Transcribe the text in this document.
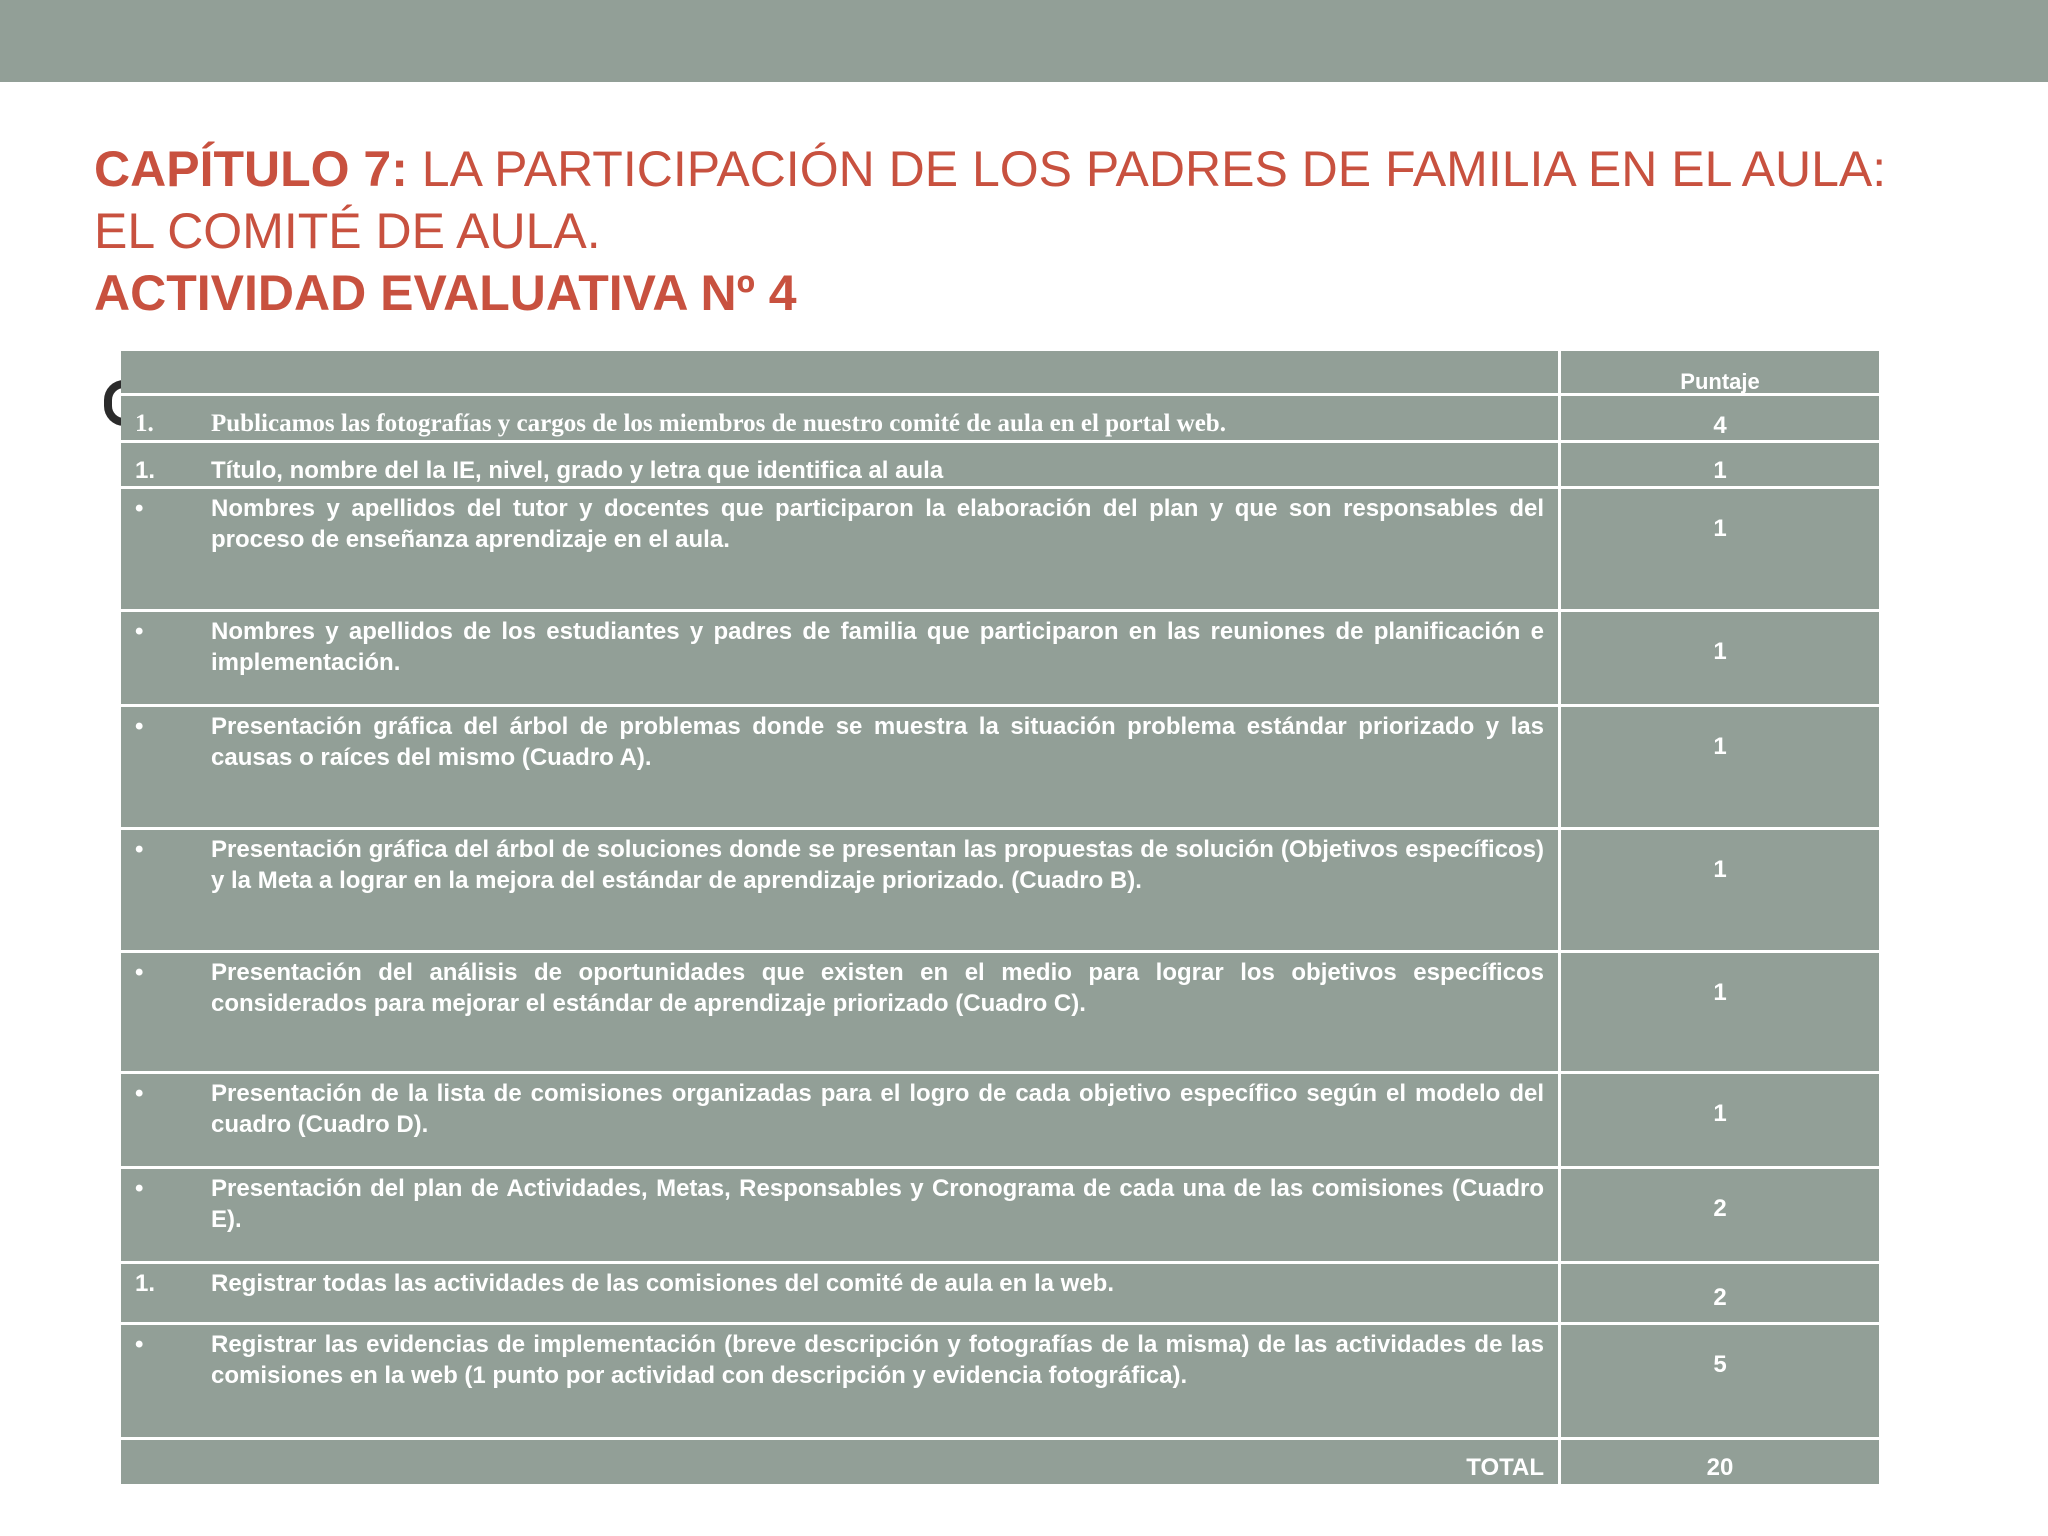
CAPÍTULO 7: LA PARTICIPACIÓN DE LOS PADRES DE FAMILIA EN EL AULA:
EL COMITÉ DE AULA.
ACTIVIDAD EVALUATIVA Nº 4
	Puntaje

1. Publicamos las fotografías y cargos de los miembros de nuestro comité de aula en el portal web.	4

1. Título, nombre del la IE, nivel, grado y letra que identifica al aula	1

• Nombres y apellidos del tutor y docentes que participaron la elaboración del plan y que son responsables del proceso de enseñanza aprendizaje en el aula.	1

• Nombres y apellidos de los estudiantes y padres de familia que participaron en las reuniones de planificación e implementación.	1

• Presentación gráfica del árbol de problemas donde se muestra la situación problema estándar priorizado y las causas o raíces del mismo (Cuadro A).	1

• Presentación gráfica del árbol de soluciones donde se presentan las propuestas de solución (Objetivos específicos) y la Meta a lograr en la mejora del estándar de aprendizaje priorizado. (Cuadro B).	1

• Presentación del análisis de oportunidades que existen en el medio para lograr los objetivos específicos considerados para mejorar el estándar de aprendizaje priorizado (Cuadro C).	1

• Presentación de la lista de comisiones organizadas para el logro de cada objetivo específico según el modelo del cuadro (Cuadro D).	1

• Presentación del plan de Actividades, Metas, Responsables y Cronograma de cada una de las comisiones (Cuadro E).	2

1. Registrar todas las actividades de las comisiones del comité de aula en la web.	2

• Registrar las evidencias de implementación (breve descripción y fotografías de la misma) de las actividades de las comisiones en la web (1 punto por actividad con descripción y evidencia fotográfica).	5
TOTAL	20
